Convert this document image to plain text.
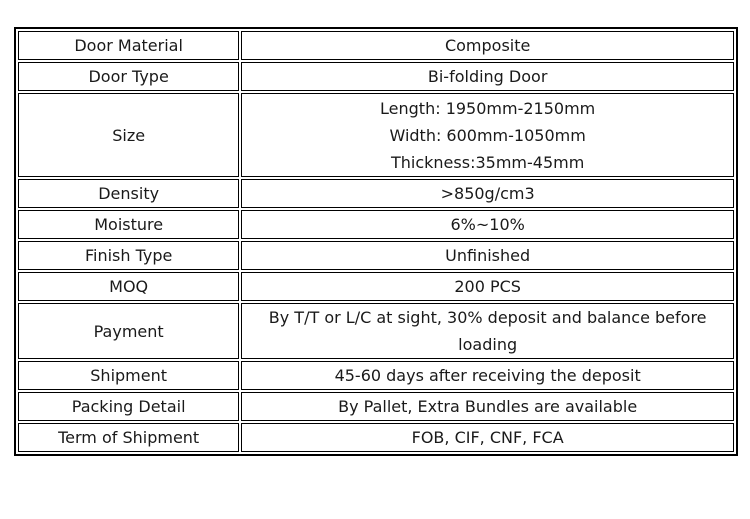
Door Material	Composite
Door Type	Bi-folding Door
Size	Length: 1950mm-2150mm
Width: 600mm-1050mm
Thickness:35mm-45mm

Density	>850g/cm3
Moisture	6%~10%
Finish Type	Unfinished
MOQ	200 PCS
Payment	By T/T or L/C at sight, 30% deposit and balance before loading
Shipment	45-60 days after receiving the deposit
Packing Detail	By Pallet, Extra Bundles are available
Term of Shipment	FOB, CIF, CNF, FCA
